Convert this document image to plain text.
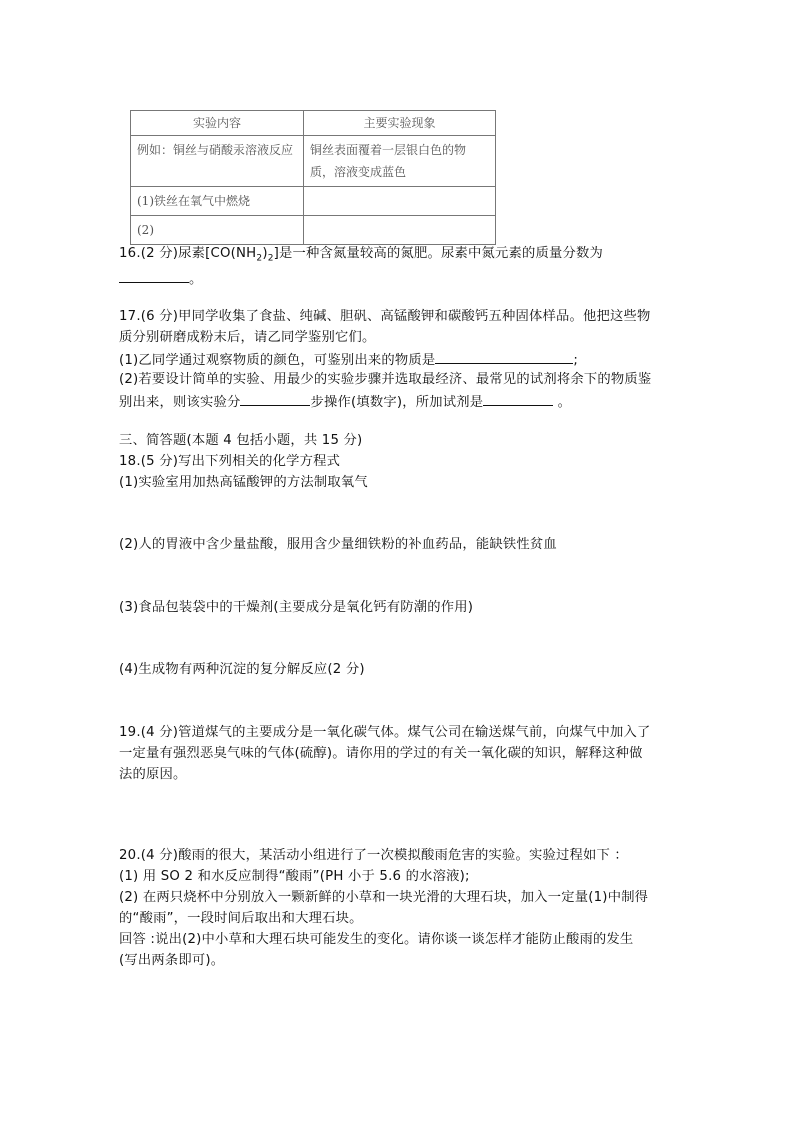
实验内容	主要实验现象
例如：铜丝与硝酸汞溶液反应	铜丝表面覆着一层银白色的物
质，溶液变成蓝色
(1)铁丝在氧气中燃烧	
(2)	
16.(2 分)尿素$[CO(NH_2)_2]$是一种含氮量较高的氮肥。尿素中氮元素的质量分数为
。
17.(6 分)甲同学收集了食盐、纯碱、胆矾、高锰酸钾和碳酸钙五种固体样品。他把这些物
质分别研磨成粉末后，请乙同学鉴别它们。
(1)乙同学通过观察物质的颜色，可鉴别出来的物质是	;
(2)若要设计简单的实验、用最少的实验步骤并选取最经济、最常见的试剂将余下的物质鉴
别出来，则该实验分	步操作(填数字)，所加试剂是	。
三、简答题(本题 4 包括小题，共 15 分)
18.(5 分)写出下列相关的化学方程式
(1)实验室用加热高锰酸钾的方法制取氧气
(2)人的胃液中含少量盐酸，服用含少量细铁粉的补血药品，能缺铁性贫血
(3)食品包装袋中的干燥剂(主要成分是氧化钙有防潮的作用)
(4)生成物有两种沉淀的复分解反应(2 分)
19.(4 分)管道煤气的主要成分是一氧化碳气体。煤气公司在输送煤气前，向煤气中加入了
一定量有强烈恶臭气味的气体(硫醇)。请你用的学过的有关一氧化碳的知识，解释这种做
法的原因。
20.(4 分)酸雨的很大，某活动小组进行了一次模拟酸雨危害的实验。实验过程如下 ：
(1) 用 SO 2 和水反应制得“酸雨”(PH 小于 5.6 的水溶液);
(2) 在两只烧杯中分别放入一颗新鲜的小草和一块光滑的大理石块，加入一定量(1)中制得
的“酸雨”，一段时间后取出和大理石块。
回答 :说出(2)中小草和大理石块可能发生的变化。请你谈一谈怎样才能防止酸雨的发生
(写出两条即可)。
